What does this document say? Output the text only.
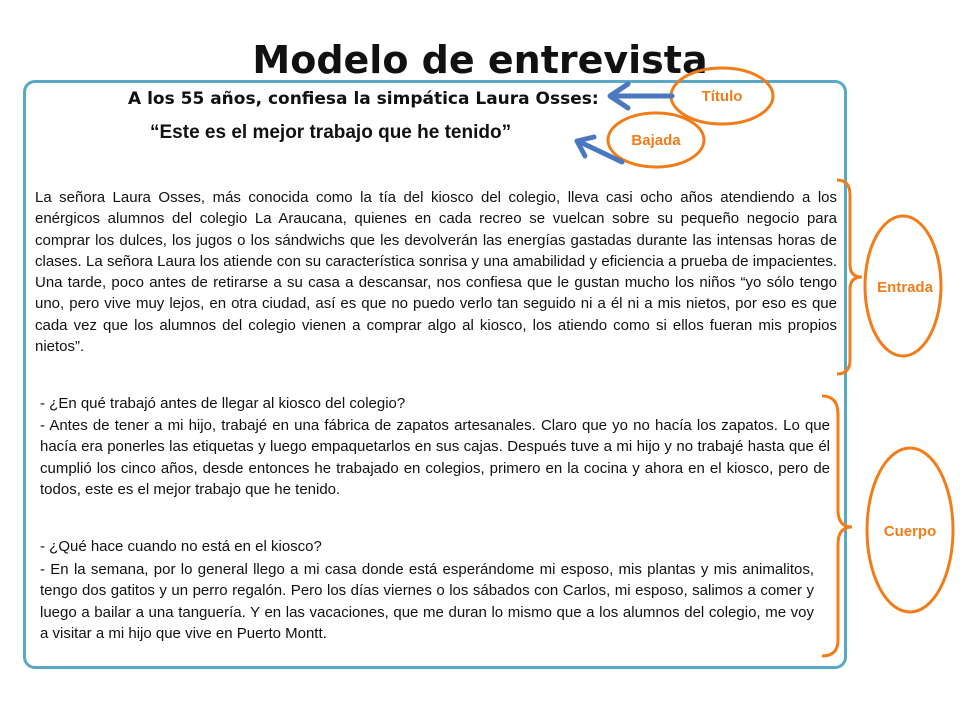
Modelo de entrevista
A los 55 años, confiesa la simpática Laura Osses:
“Este es el mejor trabajo que he tenido”
La señora Laura Osses, más conocida como la tía del kiosco del colegio, lleva casi ocho años atendiendo a los enérgicos alumnos del colegio La Araucana, quienes en cada recreo se vuelcan sobre su pequeño negocio para comprar los dulces, los jugos o los sándwichs que les devolverán las energías gastadas durante las intensas horas de clases. La señora Laura los atiende con su característica sonrisa y una amabilidad y eficiencia a prueba de impacientes. Una tarde, poco antes de retirarse a su casa a descansar, nos confiesa que le gustan mucho los niños “yo sólo tengo uno, pero vive muy lejos, en otra ciudad, así es que no puedo verlo tan seguido ni a él ni a mis nietos, por eso es que cada vez que los alumnos del colegio vienen a comprar algo al kiosco, los atiendo como si ellos fueran mis propios nietos”.
- ¿En qué trabajó antes de llegar al kiosco del colegio?
- Antes de tener a mi hijo, trabajé en una fábrica de zapatos artesanales. Claro que yo no hacía los zapatos. Lo que hacía era ponerles las etiquetas y luego empaquetarlos en sus cajas. Después tuve a mi hijo y no trabajé hasta que él cumplió los cinco años, desde entonces he trabajado en colegios, primero en la cocina y ahora en el kiosco, pero de todos, este es el mejor trabajo que he tenido.
- ¿Qué hace cuando no está en el kiosco?
- En la semana, por lo general llego a mi casa donde está esperándome mi esposo, mis plantas y mis animalitos, tengo dos gatitos y un perro regalón. Pero los días viernes o los sábados con Carlos, mi esposo, salimos a comer y luego a bailar a una tanguería. Y en las vacaciones, que me duran lo mismo que a los alumnos del colegio, me voy a visitar a mi hijo que vive en Puerto Montt.
Título
Bajada
Entrada
Cuerpo
